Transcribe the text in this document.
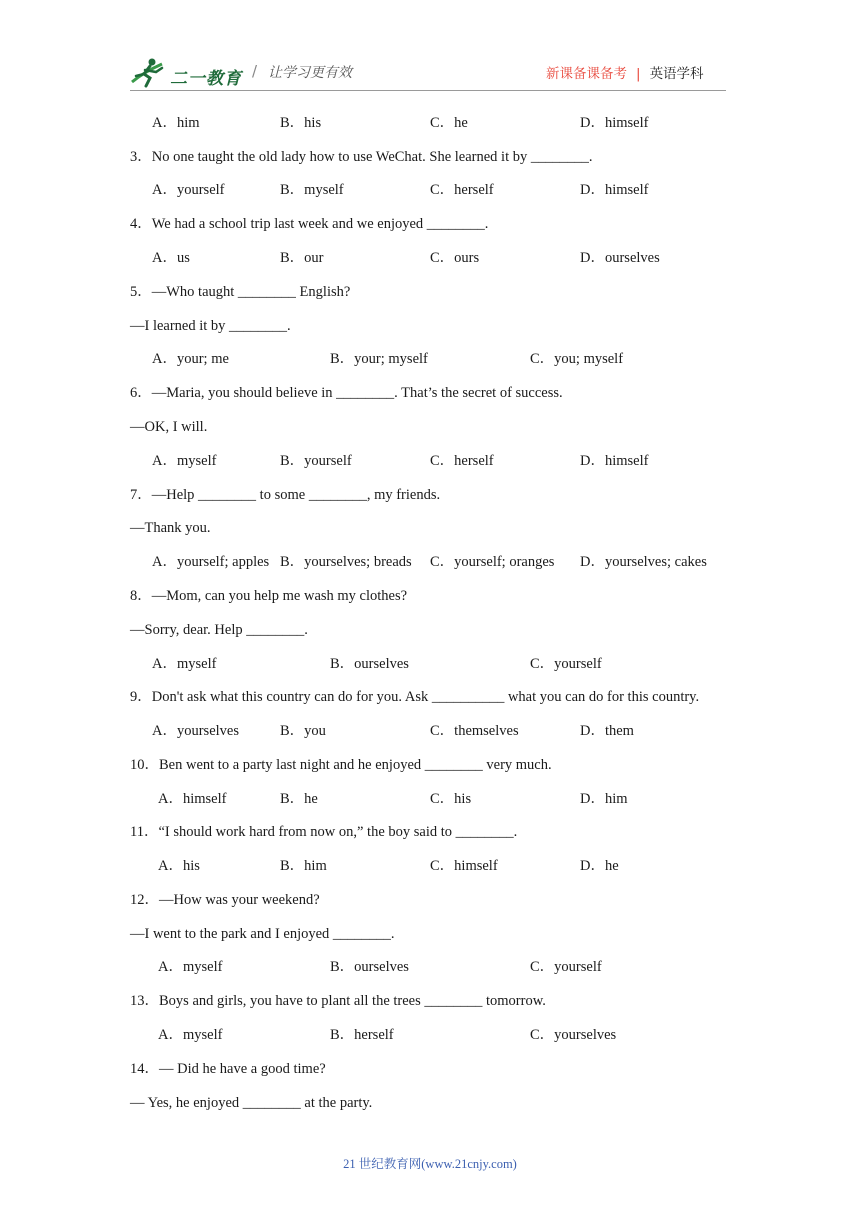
二一教育 / 让学习更有效	新课备课备考 | 英语学科
A．him	B．his	C．he	D．himself
3．No one taught the old lady how to use WeChat. She learned it by ________.
A．yourself	B．myself	C．herself	D．himself
4．We had a school trip last week and we enjoyed ________.
A．us	B．our	C．ours	D．ourselves
5．—Who taught ________ English?
—I learned it by ________.
A．your; me	B．your; myself	C．you; myself
6．—Maria, you should believe in ________. That’s the secret of success.
—OK, I will.
A．myself	B．yourself	C．herself	D．himself
7．—Help ________ to some ________, my friends.
—Thank you.
A．yourself; apples B．yourselves; breads C．yourself; oranges D．yourselves; cakes
8．—Mom, can you help me wash my clothes?
—Sorry, dear. Help ________.
A．myself	B．ourselves	C．yourself
9．Don't ask what this country can do for you. Ask __________ what you can do for this country.
A．yourselves	B．you	C．themselves	D．them
10．Ben went to a party last night and he enjoyed ________ very much.
A．himself	B．he	C．his	D．him
11．“I should work hard from now on,” the boy said to ________.
A．his	B．him	C．himself	D．he
12．—How was your weekend?
—I went to the park and I enjoyed ________.
A．myself	B．ourselves	C．yourself
13．Boys and girls, you have to plant all the trees ________ tomorrow.
A．myself	B．herself	C．yourselves
14．— Did he have a good time?
— Yes, he enjoyed ________ at the party.
21 世纪教育网(www.21cnjy.com)
